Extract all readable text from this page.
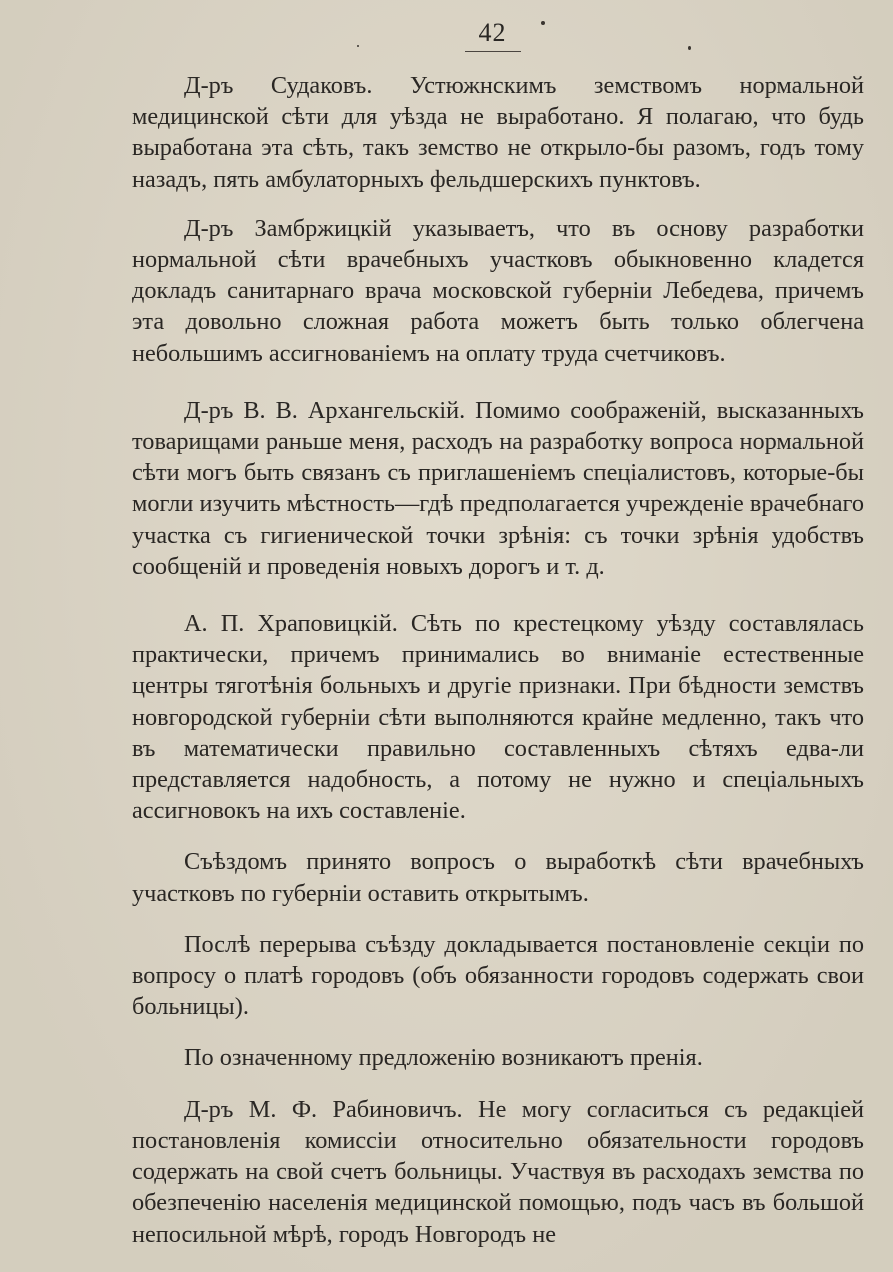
42

Д-ръ Судаковъ. Устюжнскимъ земствомъ нормальной медицинской сѣти для уѣзда не выработано. Я полагаю, что будь выработана эта сѣть, такъ земство не открыло-бы разомъ, годъ тому назадъ, пять амбулаторныхъ фельдшерскихъ пунктовъ.

Д-ръ Замбржицкій указываетъ, что въ основу разработки нормальной сѣти врачебныхъ участковъ обыкновенно кладется докладъ санитарнаго врача московской губерніи Лебедева, причемъ эта довольно сложная работа можетъ быть только облегчена небольшимъ ассигнованіемъ на оплату труда счетчиковъ.

Д-ръ В. В. Архангельскій. Помимо соображеній, высказанныхъ товарищами раньше меня, расходъ на разработку вопроса нормальной сѣти могъ быть связанъ съ приглашеніемъ спеціалистовъ, которые-бы могли изучить мѣстность—гдѣ предполагается учрежденіе врачебнаго участка съ гигиенической точки зрѣнія: съ точки зрѣнія удобствъ сообщеній и проведенія новыхъ дорогъ и т. д.

А. П. Храповицкій. Сѣть по крестецкому уѣзду составлялась практически, причемъ принимались во вниманіе естественные центры тяготѣнія больныхъ и другіе признаки. При бѣдности земствъ новгородской губерніи сѣти выполняются крайне медленно, такъ что въ математически правильно составленныхъ сѣтяхъ едва-ли представляется надобность, а потому не нужно и спеціальныхъ ассигновокъ на ихъ составленіе.

Съѣздомъ принято вопросъ о выработкѣ сѣти врачебныхъ участковъ по губерніи оставить открытымъ.

Послѣ перерыва съѣзду докладывается постановленіе секціи по вопросу о платѣ городовъ (объ обязанности городовъ содержать свои больницы).

По означенному предложенію возникаютъ пренія.

Д-ръ М. Ф. Рабиновичъ. Не могу согласиться съ редакціей постановленія комиссіи относительно обязательности городовъ содержать на свой счетъ больницы. Участвуя въ расходахъ земства по обезпеченію населенія медицинской помощью, подъ часъ въ большой непосильной мѣрѣ, городъ Новгородъ не
